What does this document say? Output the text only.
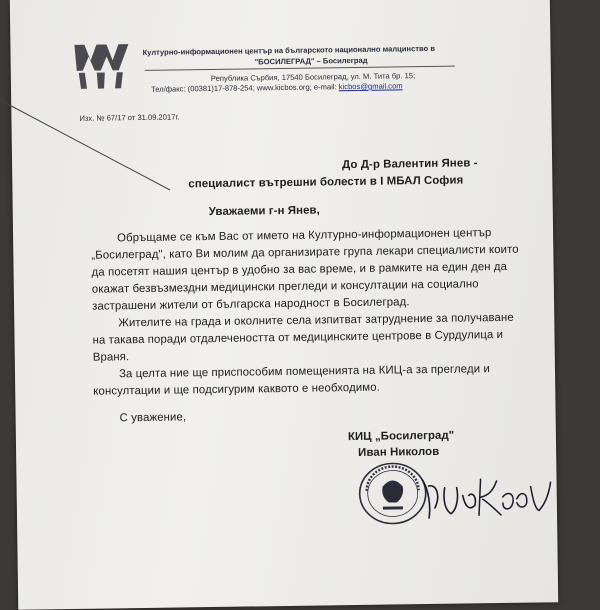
Културно-информационен център на българското национално малцинство в
"БОСИЛЕГРАД" – Босилеград
Република Сърбия, 17540 Босилеград, ул. М. Тита бр. 15;
Тел/факс: (00381)17-878-254; www.kicbos.org; e-mail: kicbos@gmail.com
Изх. № 67/17 от 31.09.2017г.
До Д-р Валентин Янев -
специалист вътрешни болести в I МБАЛ София
Уважаеми г-н Янев,
Обръщаме се към Вас от името на Културно-информационен център
„Босилеград", като Ви молим да организирате група лекари специалисти които
да посетят нашия център в удобно за вас време, и в рамките на един ден да
окажат безвъзмездни медицински прегледи и консултации на социално
застрашени жители от българска народност в Босилеград.
Жителите на града и околните села изпитват затруднение за получаване
на такава поради отдалечеността от медицинските центрове в Сурдулица и
Враня.
За целта ние ще приспособим помещенията на КИЦ-а за прегледи и
консултации и ще подсигурим каквото е необходимо.
С уважение,
КИЦ „Босилеград"
Иван Николов
